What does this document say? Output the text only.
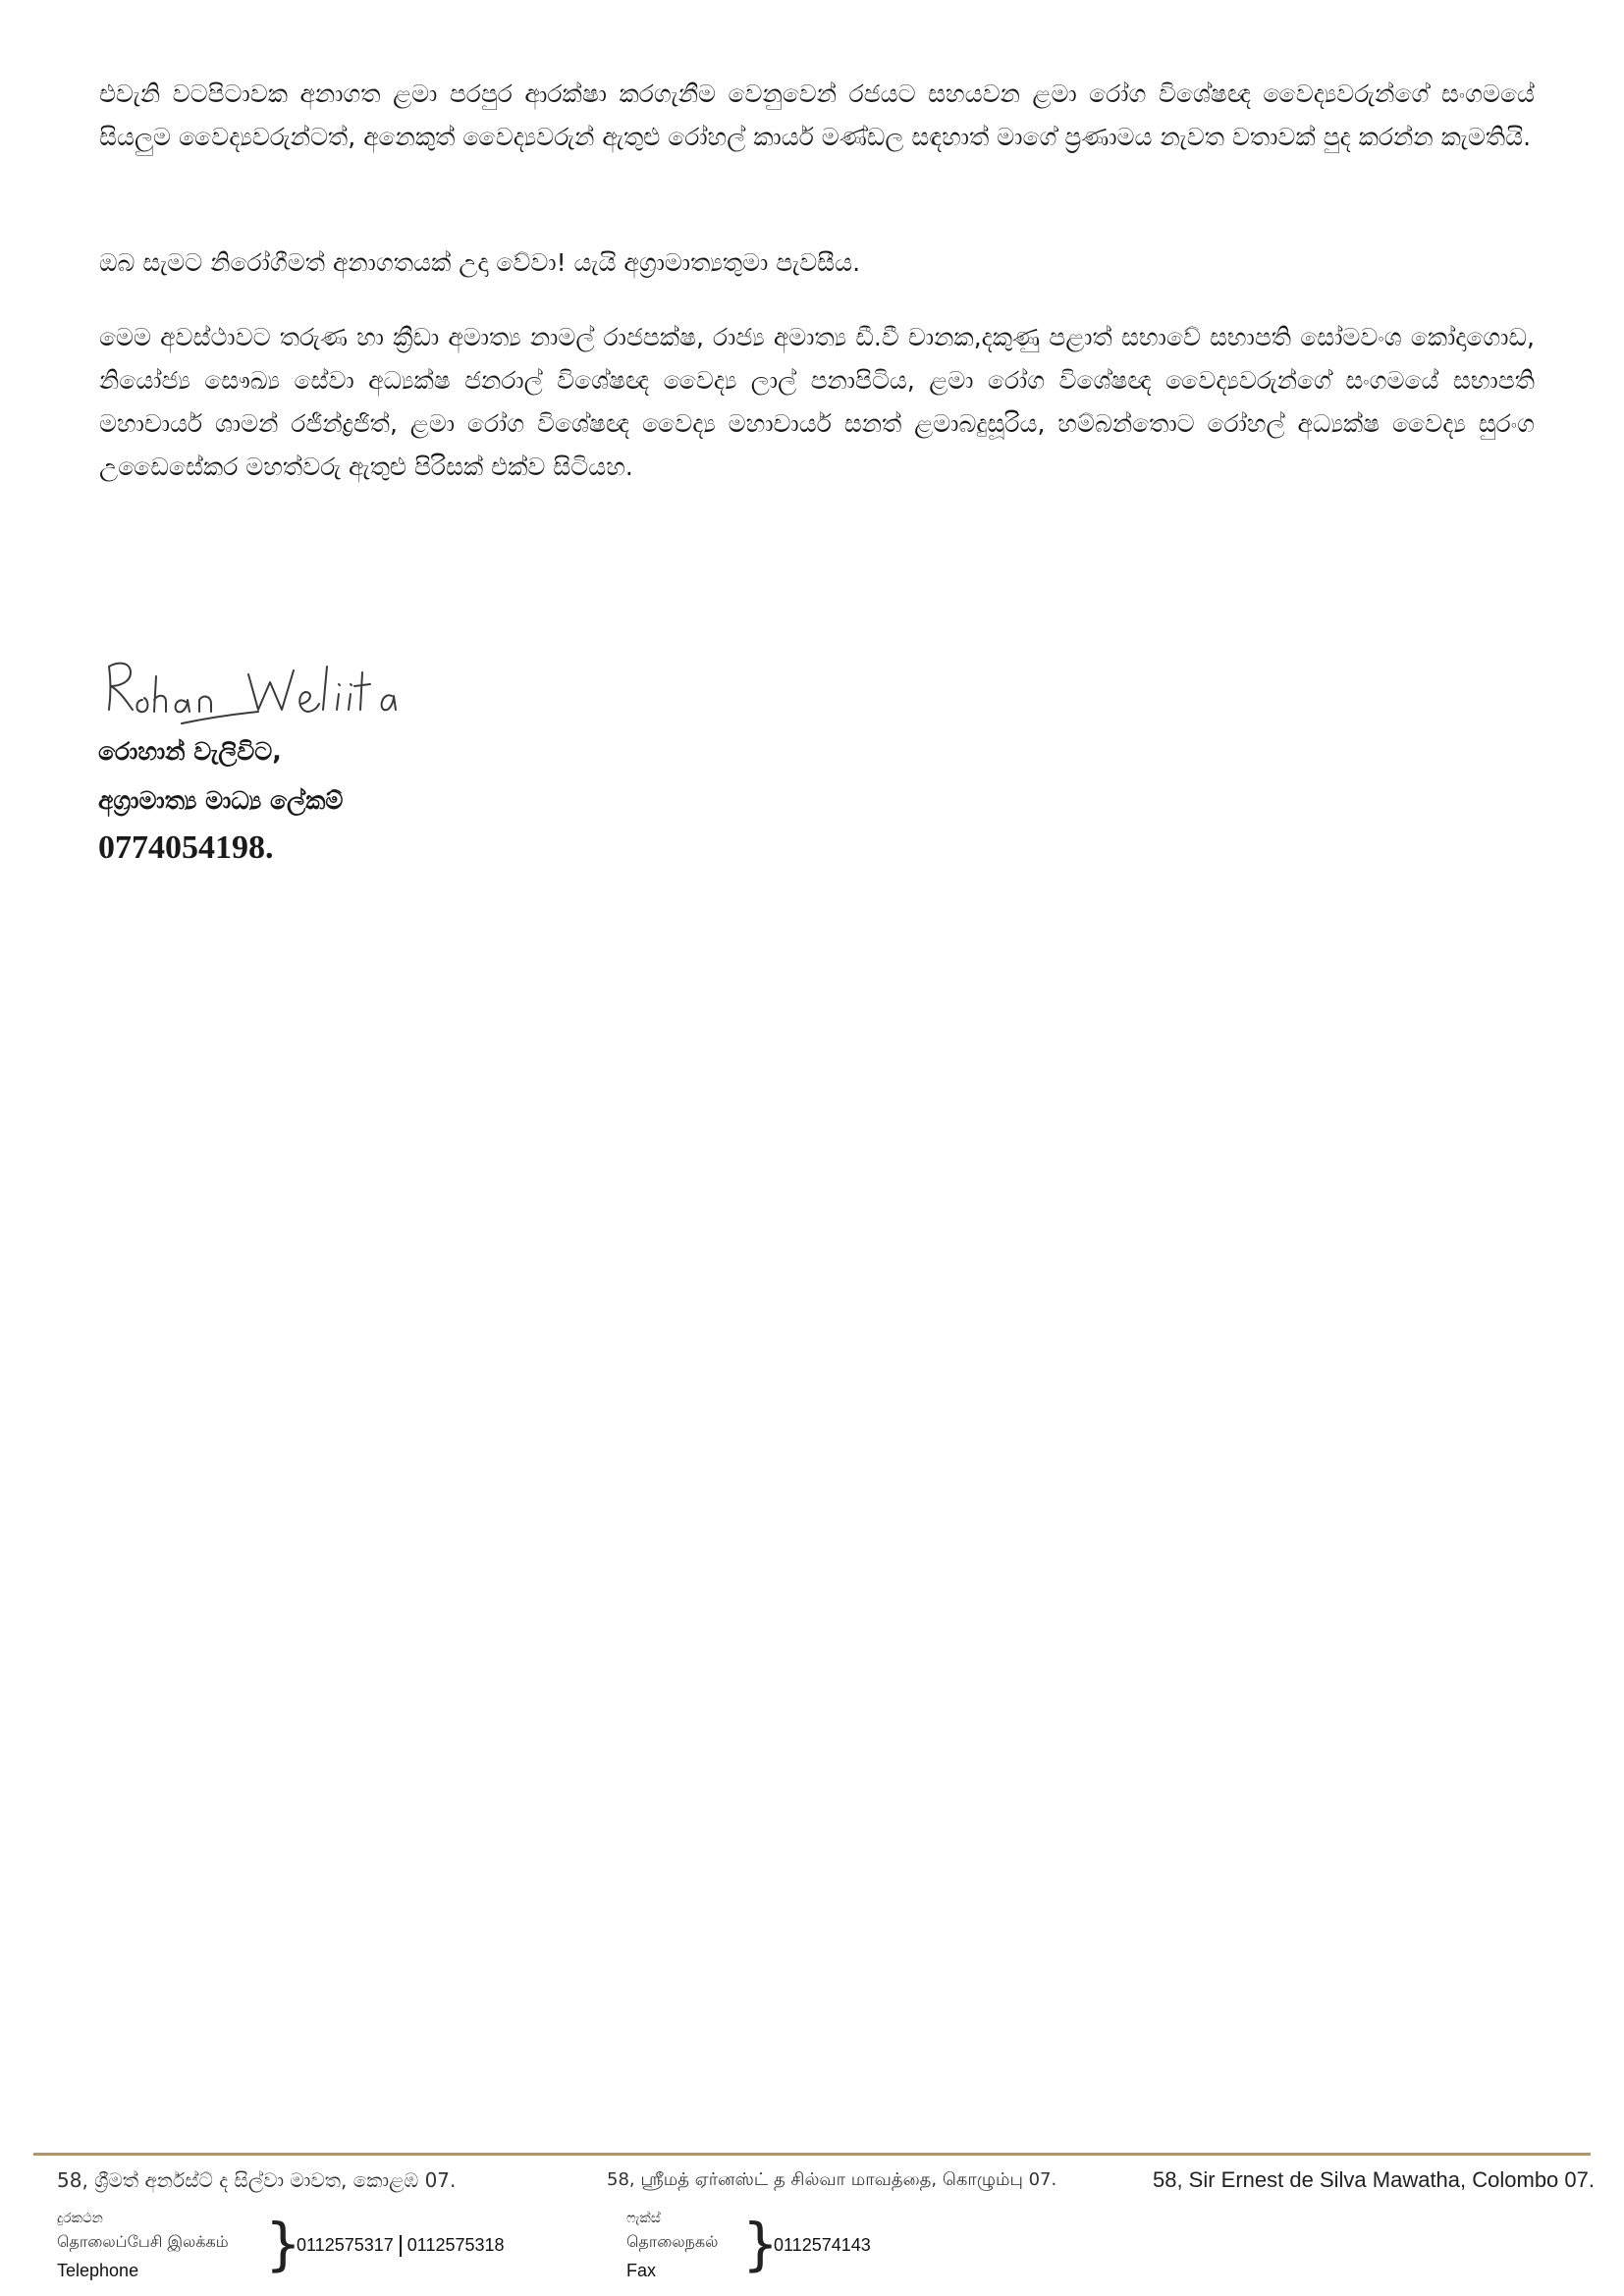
එවැනි වටපිටාවක අනාගත ළමා පරපුර ආරක්ෂා කරගැනීම වෙනුවෙන් රජයට සහයවන ළමා රෝග විශේෂඥ වෛද්‍යවරුන්ගේ සංගමයේ සියලුම වෛද්‍යවරුන්ටත්, අනෙකුත් වෛද්‍යවරුන් ඇතුළු රෝහල් කාර්ය මණ්ඩල සඳහාත් මාගේ ප්‍රණාමය නැවත වතාවක් පුද කරන්න කැමතියි.

ඔබ සැමට නිරෝගීමත් අනාගතයක් උදා වේවා! යැයි අග්‍රාමාත්‍යතුමා පැවසීය.

මෙම අවස්ථාවට තරුණ හා ක්‍රීඩා අමාත්‍ය නාමල් රාජපක්ෂ, රාජ්‍ය අමාත්‍ය ඩී.වී චානක,දකුණු පළාත් සභාවේ සභාපති සෝමවංශ කෝදාගොඩ, නියෝජ්‍ය සෞඛ්‍ය සේවා අධ්‍යක්ෂ ජනරාල් විශේෂඥ වෛද්‍ය ලාල් පනාපිටිය, ළමා රෝග විශේෂඥ වෛද්‍යවරුන්ගේ සංගමයේ සභාපති මහාචාර්ය ශාමන් රජීන්ද්‍රජිත්, ළමා රෝග විශේෂඥ වෛද්‍ය මහාචාර්ය සනත් ළමාබදුසූරිය, හම්බන්තොට රෝහල් අධ්‍යක්ෂ වෛද්‍ය සුරංග උඩෛසේකර මහත්වරු ඇතුළු පිරිසක් එක්ව සිටියහ.

රොහාන් වැලිවිට,
අග්‍රාමාත්‍ය මාධ්‍ය ලේකම්
0774054198.
58, ශ්‍රීමත් අර්නස්ට් ද සිල්වා මාවත, කොළඹ 07.	58, ஸ்ரீமத் ஏர்னஸ்ட் த சில்வா மாவத்தை, கொழும்பு 07.	58, Sir Ernest de Silva Mawatha, Colombo 07.
දුරකථන
தொலைப்பேசி இலக்கம்
Telephone	}
0112575317 0112575318
ෆැක්ස්
தொலைநகல்
Fax	}
0112574143
